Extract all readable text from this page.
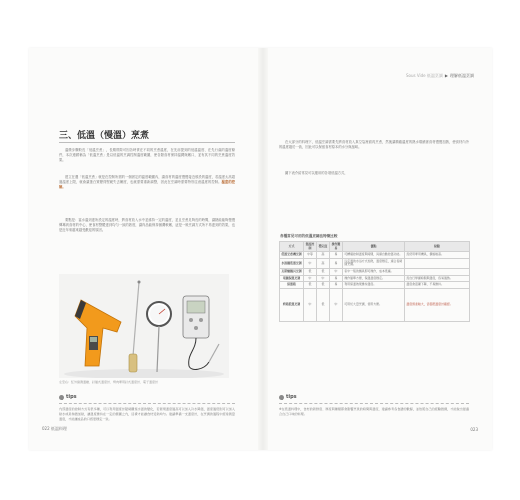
三、低溫（慢溫）烹煮

溫燉步驟較長「低溫烹煮」，長期實際可因各時實在不同的烹煮溫度，在先前提到的低溫溫度、在先行處的溫度條件，本次連鎖稱為「低溫烹煮」是以低溫的烹調控制溫度範圍，使各類食材保持溫潤與嫩口，並有其不同的烹煮溫度效果。

建立在選「低溫烹煮」就是在控制所需的一個固定的溫度範圍內，讓食材的溫度慢慢接近預設的溫度，若溫度太高超過溫度上限，就會讓蛋白質變得堅硬失去嫩度，也就需要重新調整，因此在烹調時需要特別注意溫度的控制。溫度的控制。

要點是：當水溫到達所設定的溫度時，將食材放入水中並維持一定的溫度，並且烹煮足夠長的時間，讓熱能能夠慢慢傳導到食材的中心，使食材整體達到均勻一致的熟度，讓肉品能保持濕潤軟嫩，這是一般烹調方式所不易達到的效果，也是近年來越來越受歡迎的原因。

左至右：紅外線測溫槍、針插式溫度計、烤肉專用針式溫度計、電子溫度計

tips

內部溫度的控制方式有很多種，可以利用溫度計隨時觀察水溫的變化，若發現溫度過高可以加入冷水降溫，溫度過低則可以加入熱水或是稍微加熱，讓溫度維持在一定的範圍之內，這樣才能讓食材受熱均勻。建議準備一支溫度計，在烹調的過程中經常測量溫度，才能讓成品的口感更穩定一致。

022 低溫料理
Sous Vide 低溫烹調 ▶ 理解低溫烹調

在大部分的料理下，低溫烹調需要先將食材放入真空袋裡面再烹煮，然後讓精確溫度的熱水環繞著食材慢慢加熱，使食材內外的溫度趨於一致，因此可以保留食材原本的水分與風味。

圖下表介紹常見可以運用的各項低溫方式，

各種常見可用的低溫烹調法特徵比較

方式	溫度控制	穩定度	操作難易	優點	缺點
低溫烹煮機烹調	中等	高	易	可精確控制溫度與時間，具備自動控溫功能。	需使用專用機具，價格較高。
水浴鍋低溫烹調	中	高	易	以定溫的水浴方式加熱，溫度穩定，適合長時間烹調。	
瓦斯爐鍋具烹調	低	低	中	家中一般的鍋具即可操作，成本低廉。	
電鍋保溫烹調	中	中	易	操作簡單方便，保溫溫度穩定。	需自行掌握時間與溫度，容易過熟。
保溫箱	低	低	易	利用保溫效果維持溫度。	溫度會逐漸下降，不易維持。
烤箱低溫烹調	中	低	中	可用於大量烹調，使用方便。	溫度誤差較大，需搭配溫度計確認。
tips

※在低溫料理中，食材的新鮮度、厚度與種類都會影響烹煮的時間與溫度，建議參考各食譜的數據，並依照自己的經驗微調，才能做出最適合自己口味的料理。

023
